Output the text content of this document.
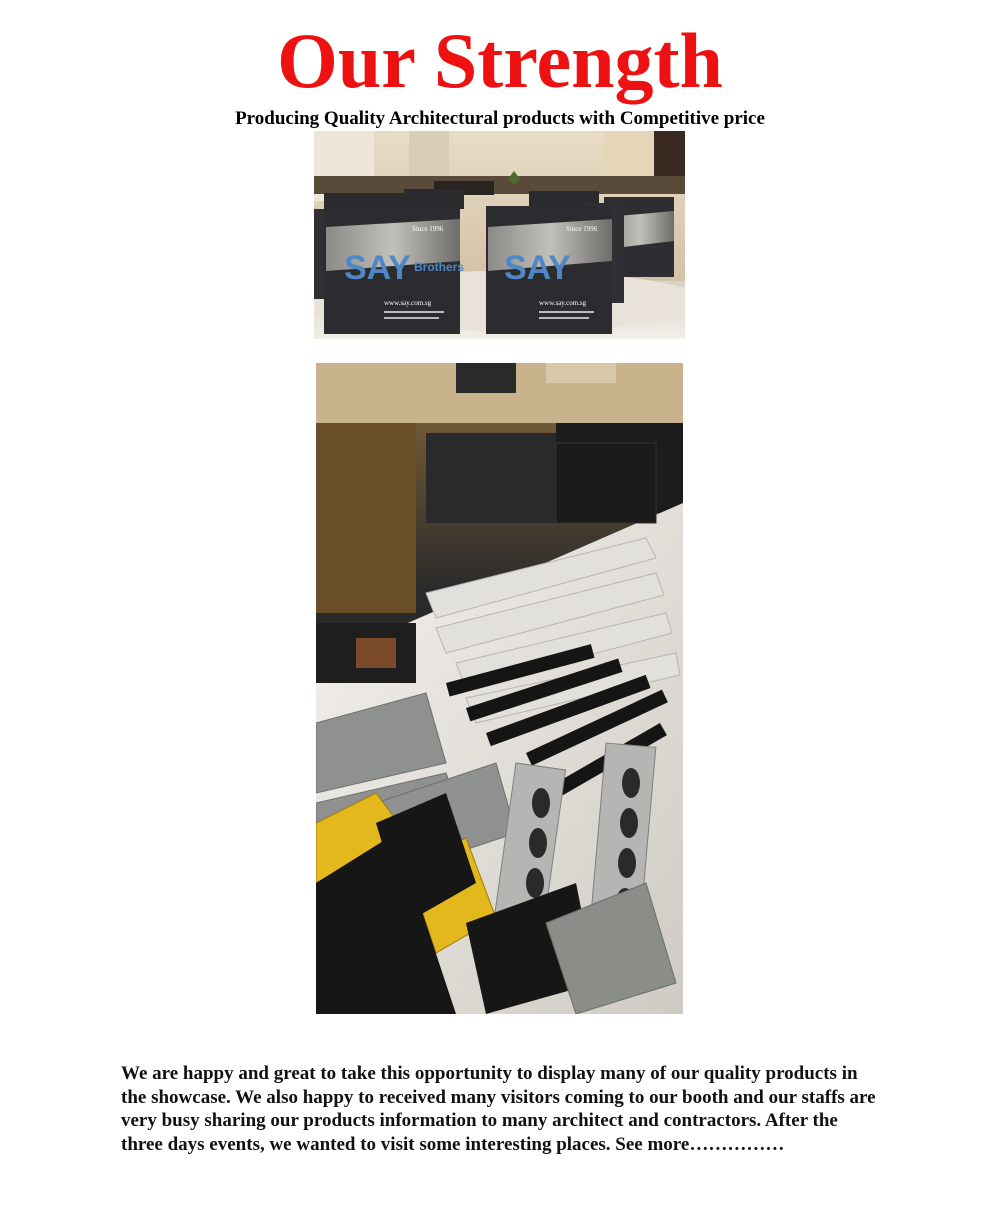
Our Strength

Producing Quality Architectural products with Competitive price

Since 1996
SAY Brothers
www.say.com.sg
Since 1996
SAY
www.say.com.sg

We are happy and great to take this opportunity to display many of our quality products in the showcase. We also happy to received many visitors coming to our booth and our staffs are very busy sharing our products information to many architect and contractors. After the three days events, we wanted to visit some interesting places. See more……………
